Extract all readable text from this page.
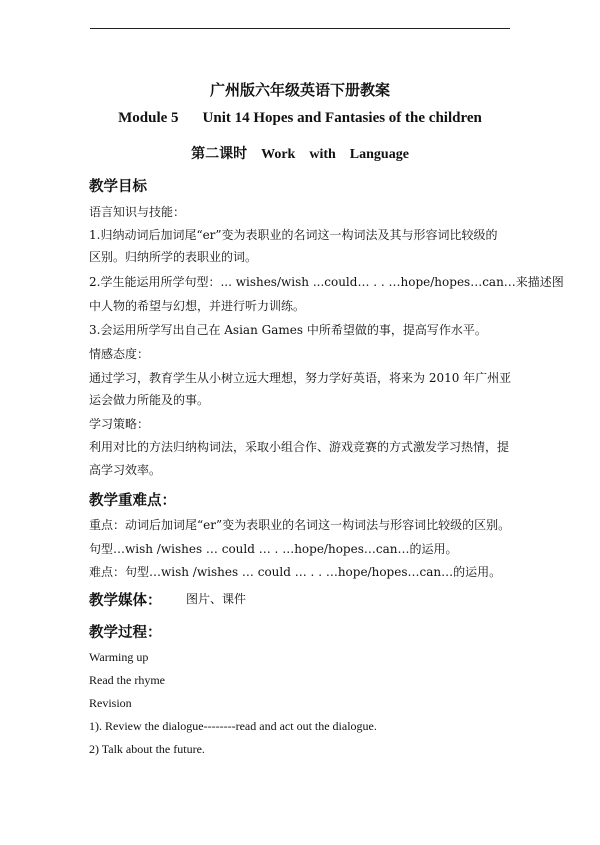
广州版六年级英语下册教案
Module 5 Unit 14 Hopes and Fantasies of the children
第二课时 Work with Language
教学目标
语言知识与技能：
1.归纳动词后加词尾“er”变为表职业的名词这一构词法及其与形容词比较级的
区别。归纳所学的表职业的词。
2.学生能运用所学句型：... wishes/wish ...could… . . …hope/hopes…can…来描述图
中人物的希望与幻想，并进行听力训练。
3.会运用所学写出自己在 Asian Games 中所希望做的事，提高写作水平。
情感态度：
通过学习，教育学生从小树立远大理想，努力学好英语，将来为 2010 年广州亚
运会做力所能及的事。
学习策略：
利用对比的方法归纳构词法，采取小组合作、游戏竞赛的方式激发学习热情，提
高学习效率。
教学重难点：
重点：动词后加词尾“er”变为表职业的名词这一构词法与形容词比较级的区别。
句型…wish /wishes … could … . …hope/hopes…can…的运用。
难点：句型…wish /wishes … could … . . …hope/hopes…can…的运用。
教学媒体： 图片、课件
教学过程：
Warming up
Read the rhyme
Revision
1). Review the dialogue--------read and act out the dialogue.
2) Talk about the future.
